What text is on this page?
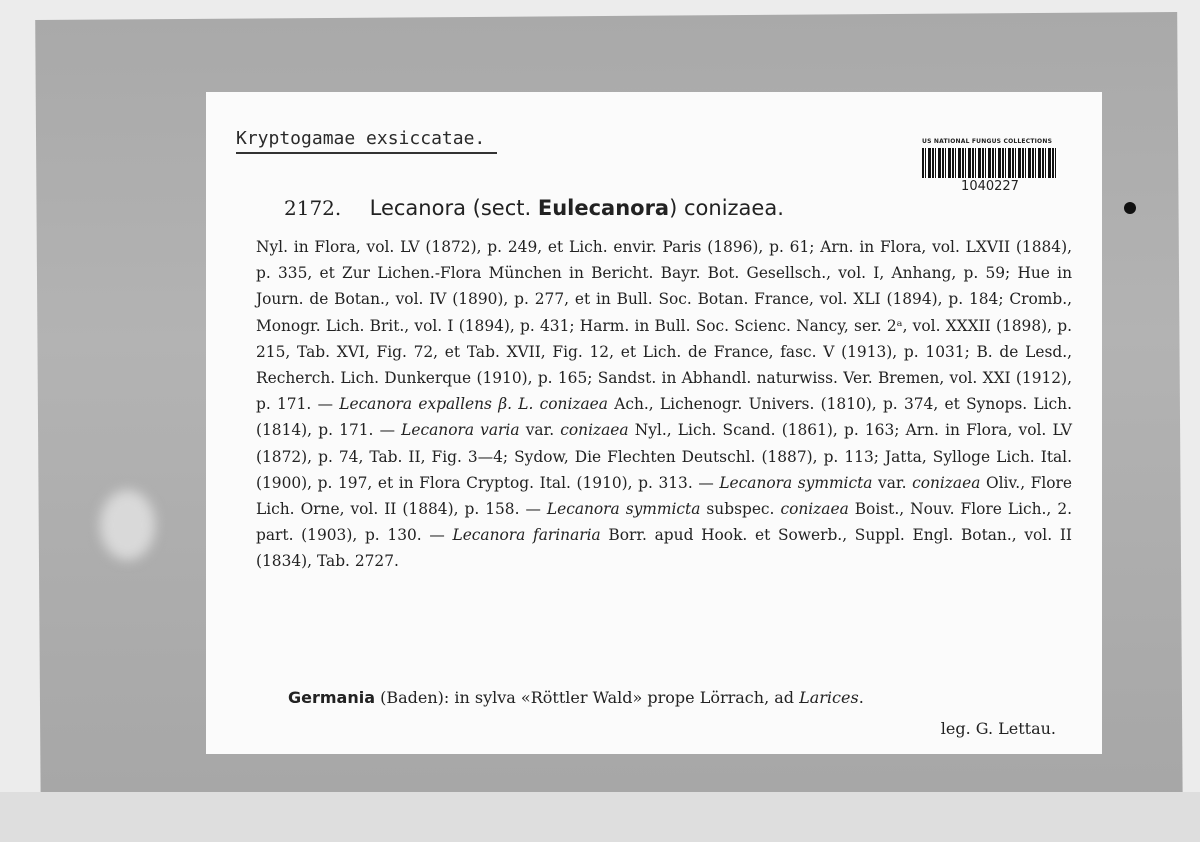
Kryptogamae exsiccatae.	US NATIONAL FUNGUS COLLECTIONS
1040227
2172. Lecanora (sect. Eulecanora) conizaea.
Nyl. in Flora, vol. LV (1872), p. 249, et Lich. envir. Paris (1896), p. 61; Arn. in Flora, vol. LXVII (1884), p. 335, et Zur Lichen.-Flora München in Bericht. Bayr. Bot. Gesellsch., vol. I, Anhang, p. 59; Hue in Journ. de Botan., vol. IV (1890), p. 277, et in Bull. Soc. Botan. France, vol. XLI (1894), p. 184; Cromb., Monogr. Lich. Brit., vol. I (1894), p. 431; Harm. in Bull. Soc. Scienc. Nancy, ser. 2ᵃ, vol. XXXII (1898), p. 215, Tab. XVI, Fig. 72, et Tab. XVII, Fig. 12, et Lich. de France, fasc. V (1913), p. 1031; B. de Lesd., Recherch. Lich. Dunkerque (1910), p. 165; Sandst. in Abhandl. naturwiss. Ver. Bremen, vol. XXI (1912), p. 171. — Lecanora expallens β. L. conizaea Ach., Lichenogr. Univers. (1810), p. 374, et Synops. Lich. (1814), p. 171. — Lecanora varia var. conizaea Nyl., Lich. Scand. (1861), p. 163; Arn. in Flora, vol. LV (1872), p. 74, Tab. II, Fig. 3—4; Sydow, Die Flechten Deutschl. (1887), p. 113; Jatta, Sylloge Lich. Ital. (1900), p. 197, et in Flora Cryptog. Ital. (1910), p. 313. — Lecanora symmicta var. conizaea Oliv., Flore Lich. Orne, vol. II (1884), p. 158. — Lecanora symmicta subspec. conizaea Boist., Nouv. Flore Lich., 2. part. (1903), p. 130. — Lecanora farinaria Borr. apud Hook. et Sowerb., Suppl. Engl. Botan., vol. II (1834), Tab. 2727.
Germania (Baden): in sylva «Röttler Wald» prope Lörrach, ad Larices.
leg. G. Lettau.
